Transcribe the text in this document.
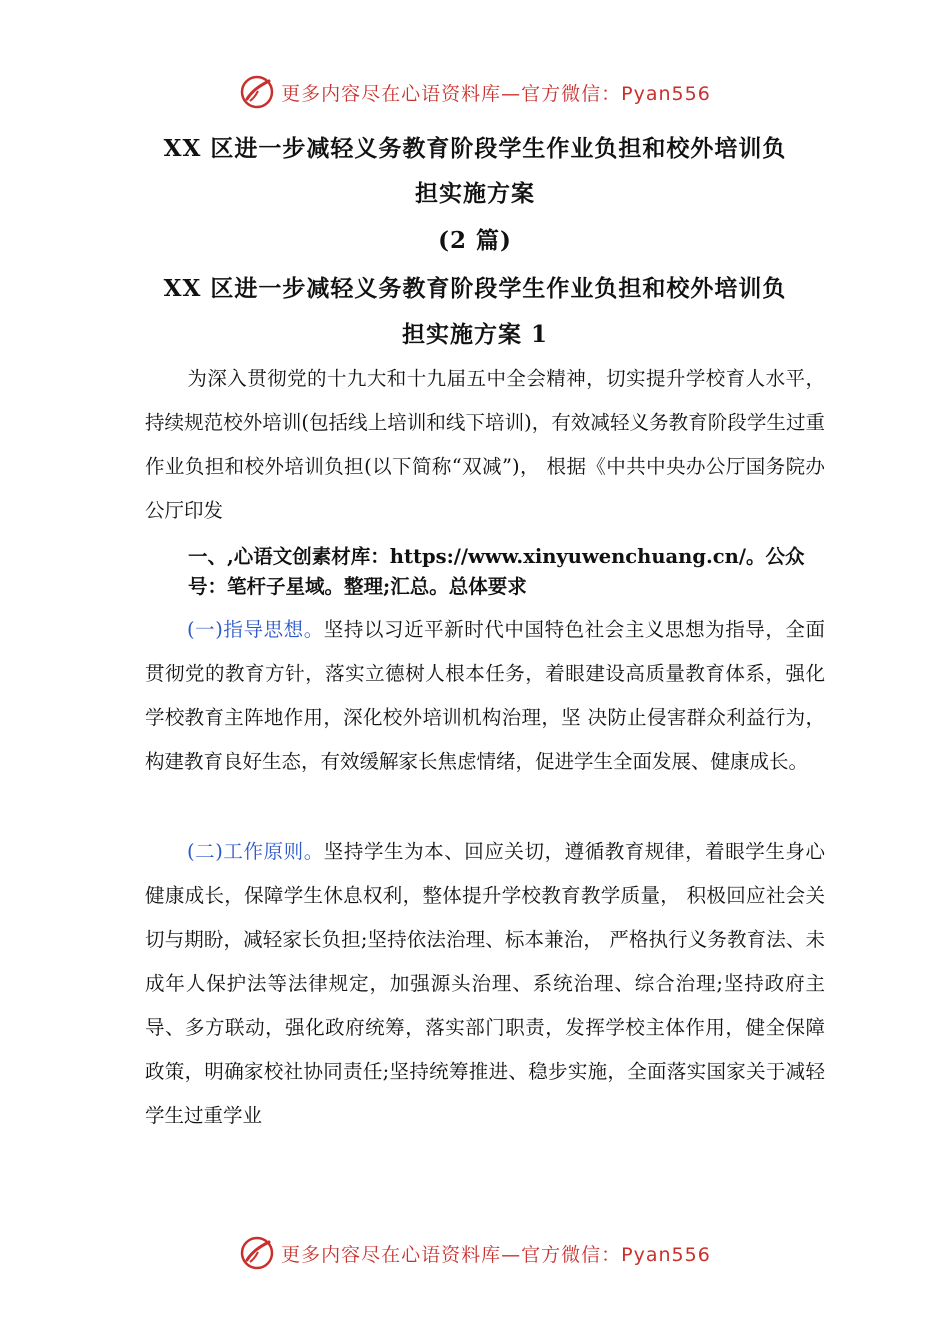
更多内容尽在心语资料库—官方微信：Pyan556
XX 区进一步减轻义务教育阶段学生作业负担和校外培训负
担实施方案
(2 篇)
XX 区进一步减轻义务教育阶段学生作业负担和校外培训负
担实施方案 1

为深入贯彻党的十九大和十九届五中全会精神，切实提升学校育人水平，持续规范校外培训(包括线上培训和线下培训)，有效减轻义务教育阶段学生过重作业负担和校外培训负担(以下简称“双减”)， 根据《中共中央办公厅国务院办公厅印发

一、,心语文创素材库：https://www.xinyuwenchuang.cn/。公众号：笔杆子星域。整理;汇总。总体要求

(一)指导思想。坚持以习近平新时代中国特色社会主义思想为指导，全面贯彻党的教育方针，落实立德树人根本任务，着眼建设高质量教育体系，强化学校教育主阵地作用，深化校外培训机构治理，坚 决防止侵害群众利益行为，构建教育良好生态，有效缓解家长焦虑情绪，促进学生全面发展、健康成长。

(二)工作原则。坚持学生为本、回应关切，遵循教育规律，着眼学生身心健康成长，保障学生休息权利，整体提升学校教育教学质量， 积极回应社会关切与期盼，减轻家长负担;坚持依法治理、标本兼治， 严格执行义务教育法、未成年人保护法等法律规定，加强源头治理、系统治理、综合治理;坚持政府主导、多方联动，强化政府统筹，落实部门职责，发挥学校主体作用，健全保障政策，明确家校社协同责任;坚持统筹推进、稳步实施，全面落实国家关于减轻学生过重学业

更多内容尽在心语资料库—官方微信：Pyan556
